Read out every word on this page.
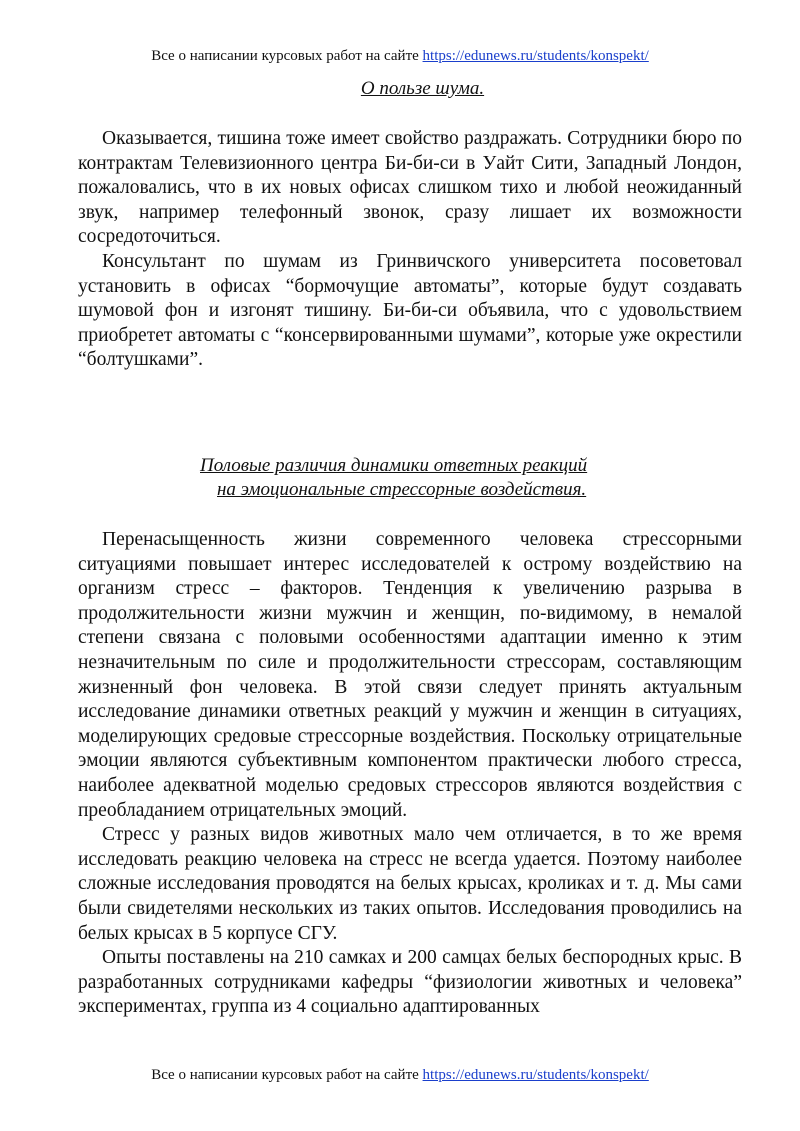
Все о написании курсовых работ на сайте https://edunews.ru/students/konspekt/
О пользе шума.

Оказывается, тишина тоже имеет свойство раздражать. Сотрудники бюро по контрактам Телевизионного центра Би-би-си в Уайт Сити, Западный Лондон, пожаловались, что в их новых офисах слишком тихо и любой неожиданный звук, например телефонный звонок, сразу лишает их возможности сосредоточиться.

Консультант по шумам из Гринвичского университета посоветовал установить в офисах “бормочущие автоматы”, которые будут создавать шумовой фон и изгонят тишину. Би-би-си объявила, что с удовольствием приобретет автоматы с “консервированными шумами”, которые уже окрестили “болтушками”.

Половые различия динамики ответных реакций
на эмоциональные стрессорные воздействия.

Перенасыщенность жизни современного человека стрессорными ситуациями повышает интерес исследователей к острому воздействию на организм стресс – факторов. Тенденция к увеличению разрыва в продолжительности жизни мужчин и женщин, по-видимому, в немалой степени связана с половыми особенностями адаптации именно к этим незначительным по силе и продолжительности стрессорам, составляющим жизненный фон человека. В этой связи следует принять актуальным исследование динамики ответных реакций у мужчин и женщин в ситуациях, моделирующих средовые стрессорные воздействия. Поскольку отрицательные эмоции являются субъективным компонентом практически любого стресса, наиболее адекватной моделью средовых стрессоров являются воздействия с преобладанием отрицательных эмоций.

Стресс у разных видов животных мало чем отличается, в то же время исследовать реакцию человека на стресс не всегда удается. Поэтому наиболее сложные исследования проводятся на белых крысах, кроликах и т. д. Мы сами были свидетелями нескольких из таких опытов. Исследования проводились на белых крысах в 5 корпусе СГУ.

Опыты поставлены на 210 самках и 200 самцах белых беспородных крыс. В разработанных сотрудниками кафедры “физиологии животных и человека” экспериментах, группа из 4 социально адаптированных

Все о написании курсовых работ на сайте https://edunews.ru/students/konspekt/
